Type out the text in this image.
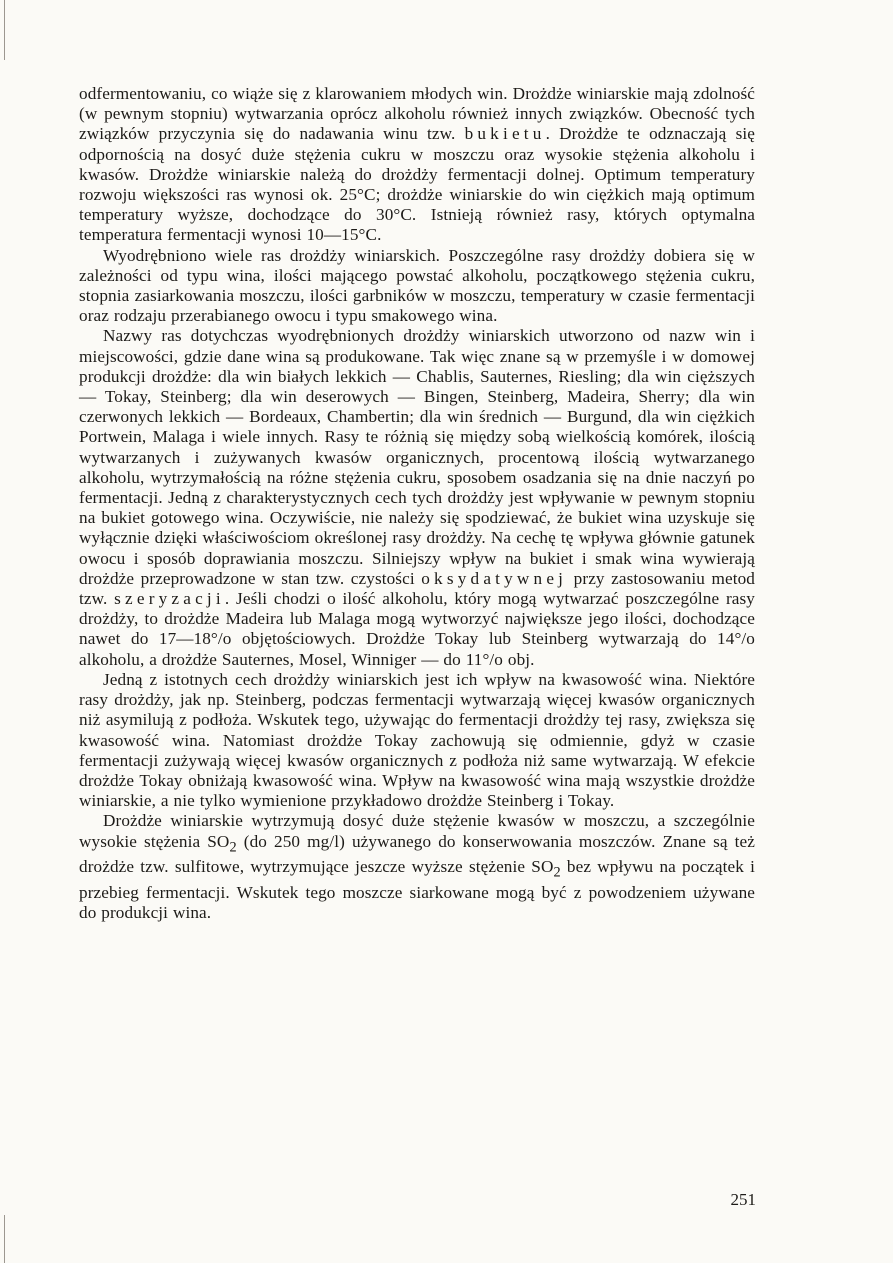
odfermentowaniu, co wiąże się z klarowaniem młodych win. Drożdże winiarskie mają zdolność (w pewnym stopniu) wytwarzania oprócz alkoholu również innych związków. Obecność tych związków przyczynia się do nadawania winu tzw. bukietu. Drożdże te odznaczają się odpornością na dosyć duże stężenia cukru w moszczu oraz wysokie stężenia alkoholu i kwasów. Drożdże winiarskie należą do drożdży fermentacji dolnej. Optimum temperatury rozwoju większości ras wynosi ok. 25°C; drożdże winiarskie do win ciężkich mają optimum temperatury wyższe, dochodzące do 30°C. Istnieją również rasy, których optymalna temperatura fermentacji wynosi 10—15°C.

Wyodrębniono wiele ras drożdży winiarskich. Poszczególne rasy drożdży dobiera się w zależności od typu wina, ilości mającego powstać alkoholu, początkowego stężenia cukru, stopnia zasiarkowania moszczu, ilości garbników w moszczu, temperatury w czasie fermentacji oraz rodzaju przerabianego owocu i typu smakowego wina.

Nazwy ras dotychczas wyodrębnionych drożdży winiarskich utworzono od nazw win i miejscowości, gdzie dane wina są produkowane. Tak więc znane są w przemyśle i w domowej produkcji drożdże: dla win białych lekkich — Chablis, Sauternes, Riesling; dla win cięższych — Tokay, Steinberg; dla win deserowych — Bingen, Steinberg, Madeira, Sherry; dla win czerwonych lekkich — Bordeaux, Chambertin; dla win średnich — Burgund, dla win ciężkich Portwein, Malaga i wiele innych. Rasy te różnią się między sobą wielkością komórek, ilością wytwarzanych i zużywanych kwasów organicznych, procentową ilością wytwarzanego alkoholu, wytrzymałością na różne stężenia cukru, sposobem osadzania się na dnie naczyń po fermentacji. Jedną z charakterystycznych cech tych drożdży jest wpływanie w pewnym stopniu na bukiet gotowego wina. Oczywiście, nie należy się spodziewać, że bukiet wina uzyskuje się wyłącznie dzięki właściwościom określonej rasy drożdży. Na cechę tę wpływa głównie gatunek owocu i sposób doprawiania moszczu. Silniejszy wpływ na bukiet i smak wina wywierają drożdże przeprowadzone w stan tzw. czystości oksydatywnej przy zastosowaniu metod tzw. szeryzacji. Jeśli chodzi o ilość alkoholu, który mogą wytwarzać poszczególne rasy drożdży, to drożdże Madeira lub Malaga mogą wytworzyć największe jego ilości, dochodzące nawet do 17—18°/o objętościowych. Drożdże Tokay lub Steinberg wytwarzają do 14°/o alkoholu, a drożdże Sauternes, Mosel, Winniger — do 11°/o obj.

Jedną z istotnych cech drożdży winiarskich jest ich wpływ na kwasowość wina. Niektóre rasy drożdży, jak np. Steinberg, podczas fermentacji wytwarzają więcej kwasów organicznych niż asymilują z podłoża. Wskutek tego, używając do fermentacji drożdży tej rasy, zwiększa się kwasowość wina. Natomiast drożdże Tokay zachowują się odmiennie, gdyż w czasie fermentacji zużywają więcej kwasów organicznych z podłoża niż same wytwarzają. W efekcie drożdże Tokay obniżają kwasowość wina. Wpływ na kwasowość wina mają wszystkie drożdże winiarskie, a nie tylko wymienione przykładowo drożdże Steinberg i Tokay.

Drożdże winiarskie wytrzymują dosyć duże stężenie kwasów w moszczu, a szczególnie wysokie stężenia $SO_2$ (do 250 mg/l) używanego do konserwowania moszczów. Znane są też drożdże tzw. sulfitowe, wytrzymujące jeszcze wyższe stężenie $SO_2$ bez wpływu na początek i przebieg fermentacji. Wskutek tego moszcze siarkowane mogą być z powodzeniem używane do produkcji wina.

251
